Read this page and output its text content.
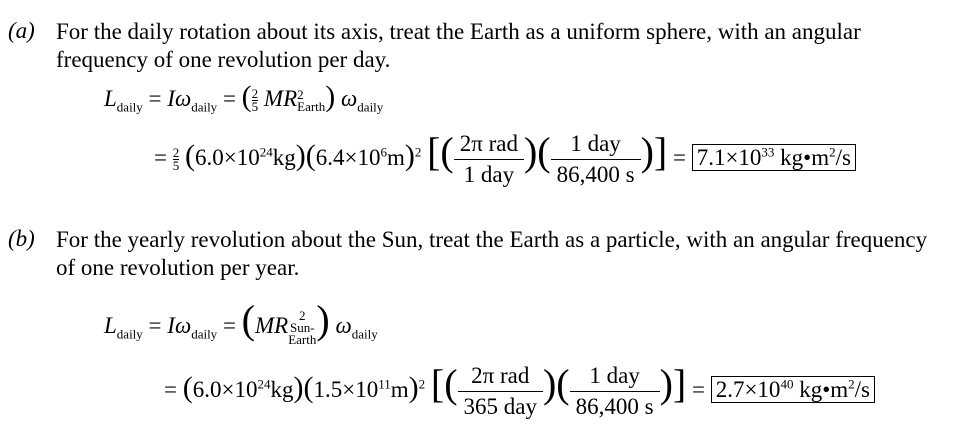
(a) For the daily rotation about its axis, treat the Earth as a uniform sphere, with an angular
frequency of one revolution per day.
$L_{daily} = I\omega_{daily}$ = ( $\frac{2}{5}$ MR 2
Earth ) $\omega_{daily}$
= $\frac{2}{5} (6.0\times 10^{24}kg)(6.4\times 10^6m)^2$ [( $\frac{\text{2π rad}}{\text{1 day}}$ )( $\frac{\text{1 day}}{86,400 s}$ )] = $7.1\times 10^{33}$ $kg•m^2/s$
(b) For the yearly revolution about the Sun, treat the Earth as a particle, with an angular frequency
of one revolution per year.
$L_{daily} = I\omega_{daily} = (MR$ 2
Sun-
Earth ) $\omega_{daily}$
= $(6.0\times 10^{24}kg)(1.5\times 10^{11}m)^2$ [( $\frac{\text{2π rad}}{\text{365 day}}$ )( $\frac{\text{1 day}}{86,400 s}$ )] = $2.7\times 10^{40}$ $kg•m^2/s$
